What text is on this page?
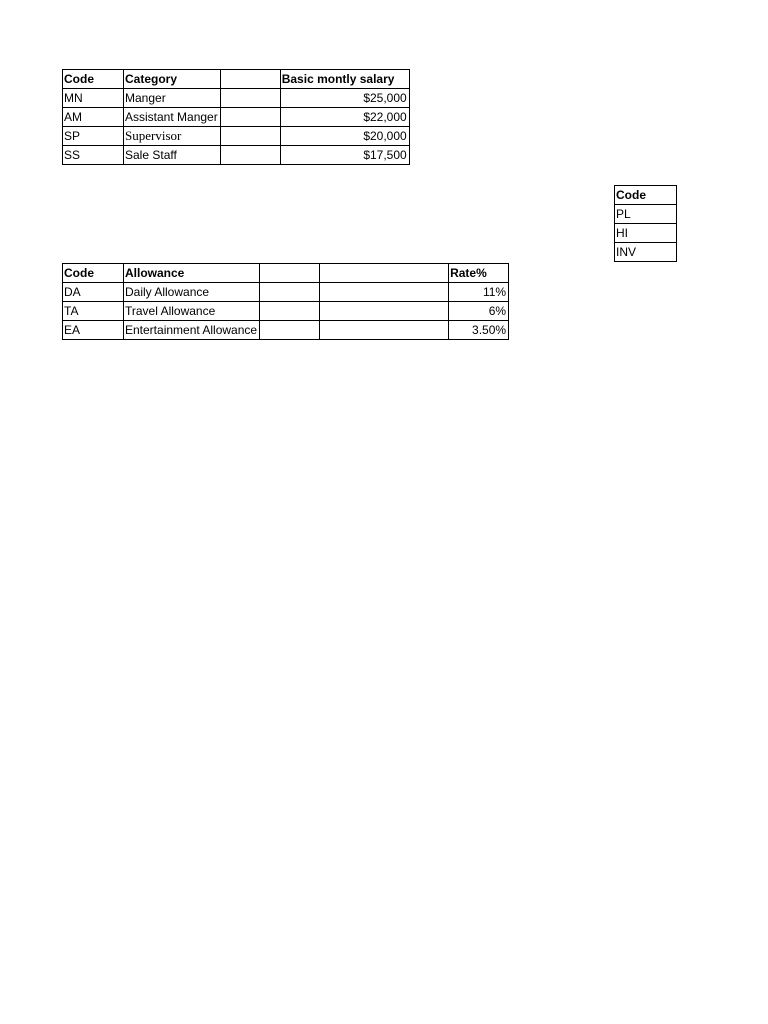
Code	Category		Basic montly salary
MN	Manger		$25,000
AM	Assistant Manger		$22,000
SP	Supervisor		$20,000
SS	Sale Staff		$17,500
Code
PL
HI
INV
Code	Allowance			Rate%
DA	Daily Allowance			11%
TA	Travel Allowance			6%
EA	Entertainment Allowance			3.50%
